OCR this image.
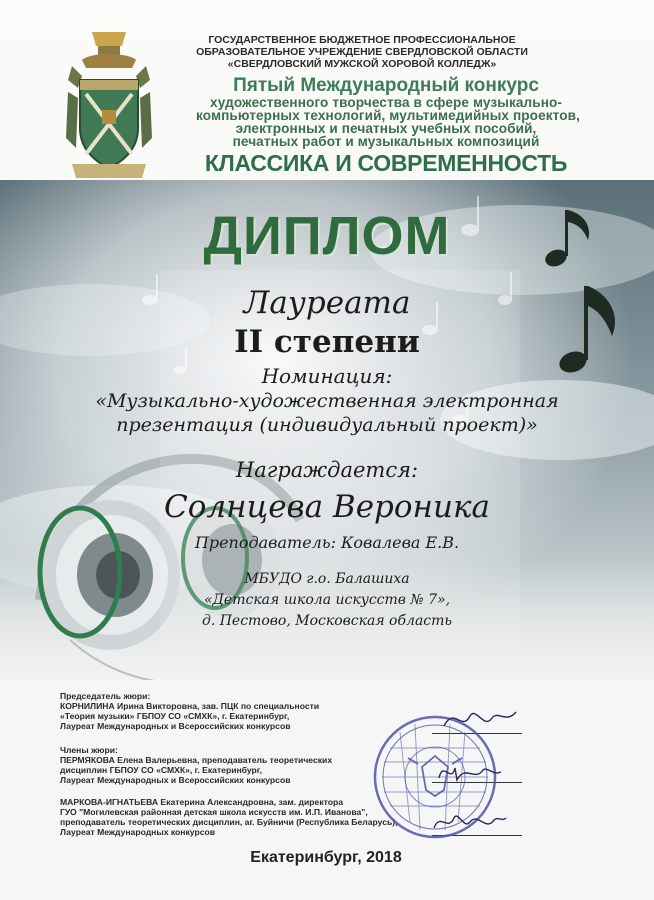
ГОСУДАРСТВЕННОЕ БЮДЖЕТНОЕ ПРОФЕССИОНАЛЬНОЕ
ОБРАЗОВАТЕЛЬНОЕ УЧРЕЖДЕНИЕ СВЕРДЛОВСКОЙ ОБЛАСТИ
«СВЕРДЛОВСКИЙ МУЖСКОЙ ХОРОВОЙ КОЛЛЕДЖ»
Пятый Международный конкурс
художественного творчества в сфере музыкально-
компьютерных технологий, мультимедийных проектов,
электронных и печатных учебных пособий,
печатных работ и музыкальных композиций
КЛАССИКА И СОВРЕМЕННОСТЬ
ДИПЛОМ
Лауреата
II степени
Номинация:
«Музыкально-художественная электронная
презентация (индивидуальный проект)»
Награждается:
Солнцева Вероника
Преподаватель: Ковалева Е.В.
МБУДО г.о. Балашиха
«Детская школа искусств № 7»,
д. Пестово, Московская область
Председатель жюри:
КОРНИЛИНА Ирина Викторовна, зав. ПЦК по специальности
«Теория музыки» ГБПОУ СО «СМХК», г. Екатеринбург,
Лауреат Международных и Всероссийских конкурсов
Члены жюри:
ПЕРМЯКОВА Елена Валерьевна, преподаватель теоретических
дисциплин ГБПОУ СО «СМХК», г. Екатеринбург,
Лауреат Международных и Всероссийских конкурсов
МАРКОВА-ИГНАТЬЕВА Екатерина Александровна, зам. директора
ГУО "Могилевская районная детская школа искусств им. И.П. Иванова",
преподаватель теоретических дисциплин, аг. Буйничи (Республика Беларусь),
Лауреат Международных конкурсов
Екатеринбург, 2018
